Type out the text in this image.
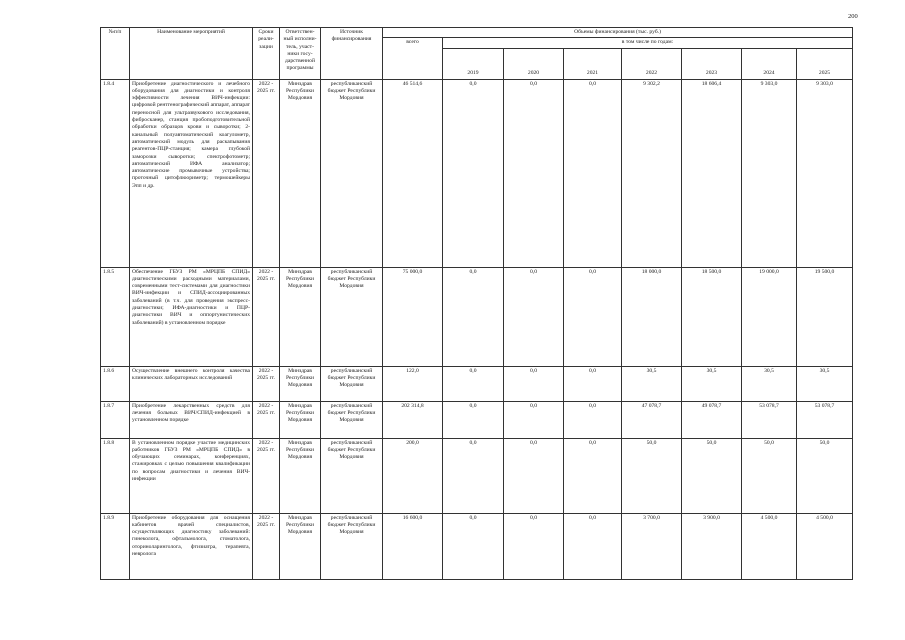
200
№п/п	Наименование мероприятий	Сроки реали- зации	Ответствен- ный исполни- тель, участ- ники госу- дарственной программы	Источник финансирования	Объемы финансирования (тыс. руб.)							
					всего	в том числе по годам:						
						2019	2020	2021	2022	2023	2024	2025
1.8.4	Приобретение диагностического и лечебного оборудования для диагностики и контроля эффективности лечения ВИЧ-инфекции: цифровой рентгенографический аппарат, аппарат переносной для ультразвукового исследования, фибросканер, станция пробоподготовительной обработки образцов крови и сыворотки; 2-канальный полуавтоматический коагулометр, автоматический модуль для раскапывания реагентов-ПЦР-станция; камера глубокой заморозки сыворотки; спектрофотометр; автоматический ИФА анализатор; автоматические промывочные устройства; проточный цитофлюориметр; термошейкеры Эпп и др.	2022 - 2025 гг.	Минздрав Республики Мордовия	республиканский бюджет Республики Мордовия	46 514,6	0,0	0,0	0,0	9 302,2	18 606,4	9 303,0	9 303,0
1.8.5	Обеспечение ГБУЗ РМ «МРЦПБ СПИД» диагностическими расходными материалами, современными тест-системами для диагностики ВИЧ-инфекции и СПИД-ассоциированных заболеваний (в т.ч. для проведения экспресс-диагностики; ИФА-диагностики и ПЦР-диагностики ВИЧ и оппортунистических заболеваний) в установленном порядке	2022 - 2025 гг.	Минздрав Республики Мордовия	республиканский бюджет Республики Мордовия	75 000,0	0,0	0,0	0,0	18 000,0	18 500,0	19 000,0	19 500,0
1.8.6	Осуществление внешнего контроля качества клинических лабораторных исследований	2022 - 2025 гг.	Минздрав Республики Мордовия	республиканский бюджет Республики Мордовия	122,0	0,0	0,0	0,0	30,5	30,5	30,5	30,5
1.8.7	Приобретение лекарственных средств для лечения больных ВИЧ/СПИД-инфекцией в установленном порядке	2022 - 2025 гг.	Минздрав Республики Мордовия	республиканский бюджет Республики Мордовия	202 314,8	0,0	0,0	0,0	47 078,7	49 078,7	53 078,7	53 078,7
1.8.8	В установленном порядке участие медицинских работников ГБУЗ РМ «МРЦПБ СПИД» в обучающих семинарах, конференциях, стажировках с целью повышения квалификации по вопросам диагностики и лечения ВИЧ-инфекции	2022 - 2025 гг.	Минздрав Республики Мордовия	республиканский бюджет Республики Мордовия	200,0	0,0	0,0	0,0	50,0	50,0	50,0	50,0
1.8.9	Приобретение оборудования для оснащения кабинетов врачей специалистов, осуществляющих диагностику заболеваний: гинеколога, офтальмолога, стоматолога, оториноларинголога, фтизиатра, терапевта, невролога	2022 - 2025 гг.	Минздрав Республики Мордовия	республиканский бюджет Республики Мордовия	16 600,0	0,0	0,0	0,0	3 700,0	3 900,0	4 500,0	4 500,0
